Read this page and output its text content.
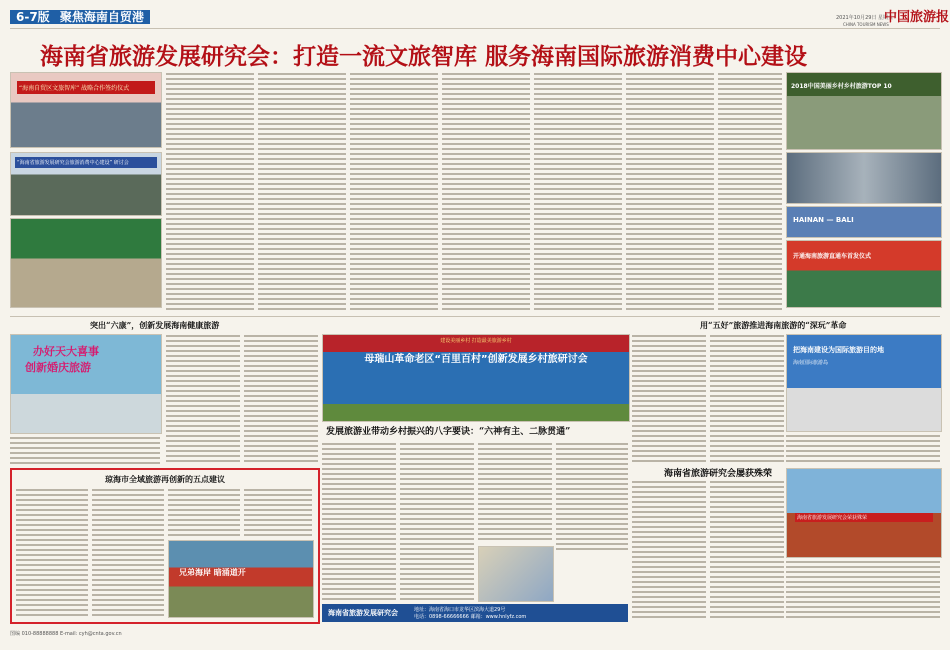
6-7版 聚焦海南自贸港	2021年10月29日 星期五
中国旅游报
CHINA TOURISM NEWS
海南省旅游发展研究会：打造一流文旅智库 服务海南国际旅游消费中心建设
“海南自贸区文旅智库” 战略合作签约仪式
“海南省旅游发展研究会旅游消费中心建设” 研讨会
2018中国美丽乡村乡村旅游TOP 10
HAINAN — BALI
开通海南旅游直通车首发仪式
突出“六康”，创新发展海南健康旅游	用“五好”旅游推进海南旅游的“深玩”革命
办好天大喜事
创新婚庆旅游
建设美丽乡村 打造最美旅游乡村
母瑞山革命老区“百里百村”创新发展乡村旅研讨会
发展旅游业带动乡村振兴的八字要诀：“六神有主、二脉贯通”
把海南建设为国际旅游目的地
海南国际旅游岛
琼海市全域旅游再创新的五点建议
兄弟海岸 暗涌道开
海南省旅游研究会屡获殊荣
海南省旅游发展研究会荣获殊荣
海南省旅游发展研究会	地址：海南省海口市龙华区滨海大道29号
电话：0898-66666666 邮箱：www.hnlyfz.com
图编 010-88888888 E-mail: cyh@cnta.gov.cn
